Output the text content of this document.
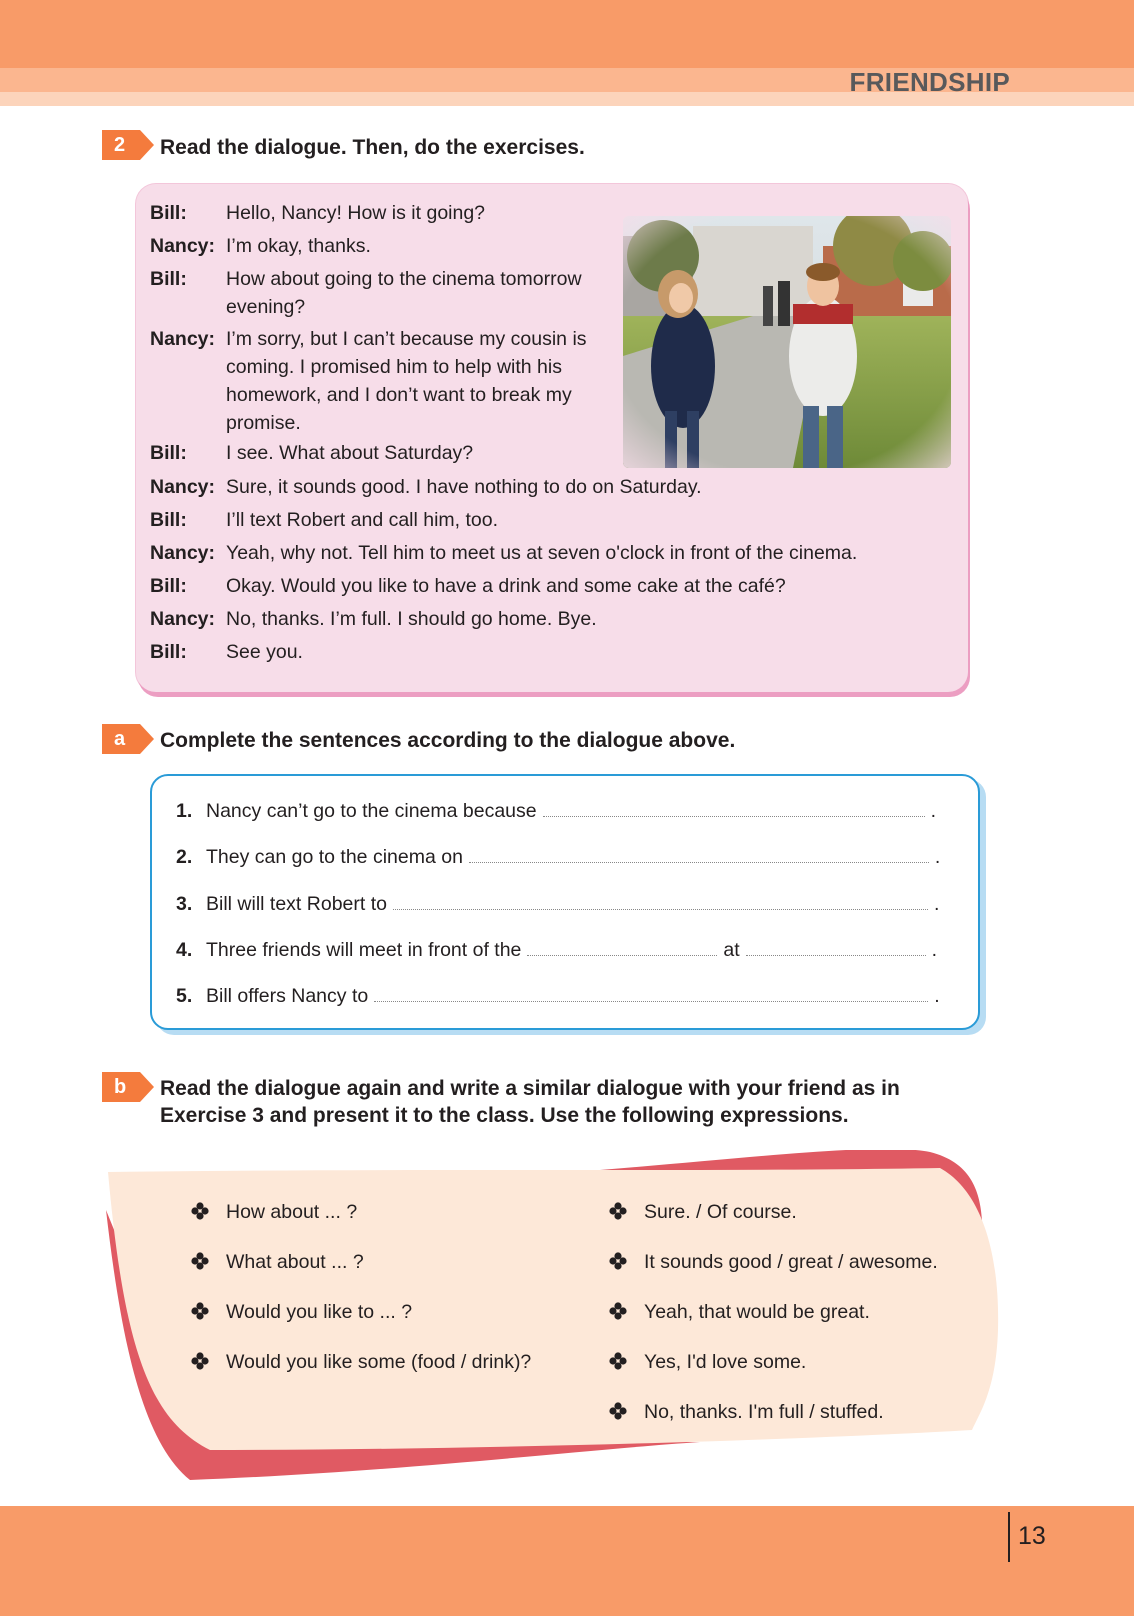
FRIENDSHIP
2	Read the dialogue. Then, do the exercises.
Bill: Hello, Nancy! How is it going?
Nancy: I’m okay, thanks.
Bill: How about going to the cinema tomorrow evening?
Nancy: I’m sorry, but I can’t because my cousin is coming. I promised him to help with his homework, and I don’t want to break my promise.
Bill: I see. What about Saturday?
Nancy: Sure, it sounds good. I have nothing to do on Saturday.
Bill: I’ll text Robert and call him, too.
Nancy: Yeah, why not. Tell him to meet us at seven o'clock in front of the cinema.
Bill: Okay. Would you like to have a drink and some cake at the café?
Nancy: No, thanks. I’m full. I should go home. Bye.
Bill: See you.
a	Complete the sentences according to the dialogue above.
1. Nancy can’t go to the cinema because	.
2. They can go to the cinema on	.
3. Bill will text Robert to	.
4. Three friends will meet in front of the	at	.
5. Bill offers Nancy to	.
b	Read the dialogue again and write a similar dialogue with your friend as in Exercise 3 and present it to the class. Use the following expressions.
How about ... ?
What about ... ?
Would you like to ... ?
Would you like some (food / drink)?
Sure. / Of course.
It sounds good / great / awesome.
Yeah, that would be great.
Yes, I'd love some.
No, thanks. I'm full / stuffed.
13
